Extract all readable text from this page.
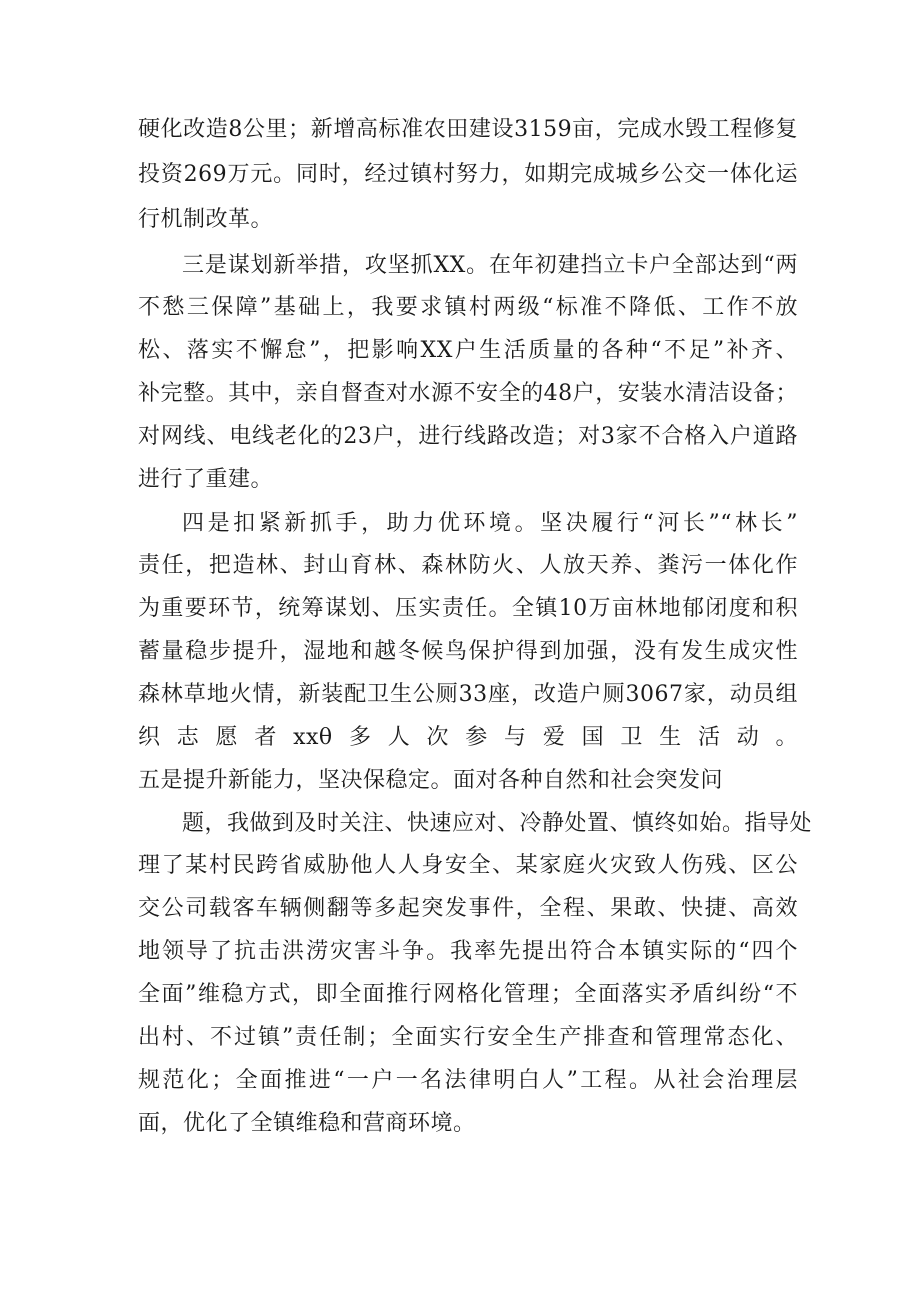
硬化改造8公里；新增高标准农田建设3159亩，完成水毁工程修复
投资269万元。同时，经过镇村努力，如期完成城乡公交一体化运
行机制改革。
三是谋划新举措，攻坚抓XX。在年初建挡立卡户全部达到“两
不愁三保障”基础上，我要求镇村两级“标准不降低、工作不放
松、落实不懈怠”，把影响XX户生活质量的各种“不足”补齐、
补完整。其中，亲自督查对水源不安全的48户，安装水清洁设备；
对网线、电线老化的23户，进行线路改造；对3家不合格入户道路
进行了重建。
四是扣紧新抓手，助力优环境。坚决履行“河长”“林长”
责任，把造林、封山育林、森林防火、人放天养、粪污一体化作
为重要环节，统筹谋划、压实责任。全镇10万亩林地郁闭度和积
蓄量稳步提升，湿地和越冬候鸟保护得到加强，没有发生成灾性
森林草地火情，新装配卫生公厕33座，改造户厕3067家，动员组
织志愿者xxθ多人次参与爱国卫生活动。
五是提升新能力，坚决保稳定。面对各种自然和社会突发问
题，我做到及时关注、快速应对、冷静处置、慎终如始。指导处
理了某村民跨省威胁他人人身安全、某家庭火灾致人伤残、区公
交公司载客车辆侧翻等多起突发事件，全程、果敢、快捷、高效
地领导了抗击洪涝灾害斗争。我率先提出符合本镇实际的“四个
全面”维稳方式，即全面推行网格化管理；全面落实矛盾纠纷“不
出村、不过镇”责任制；全面实行安全生产排查和管理常态化、
规范化；全面推进“一户一名法律明白人”工程。从社会治理层
面，优化了全镇维稳和营商环境。
